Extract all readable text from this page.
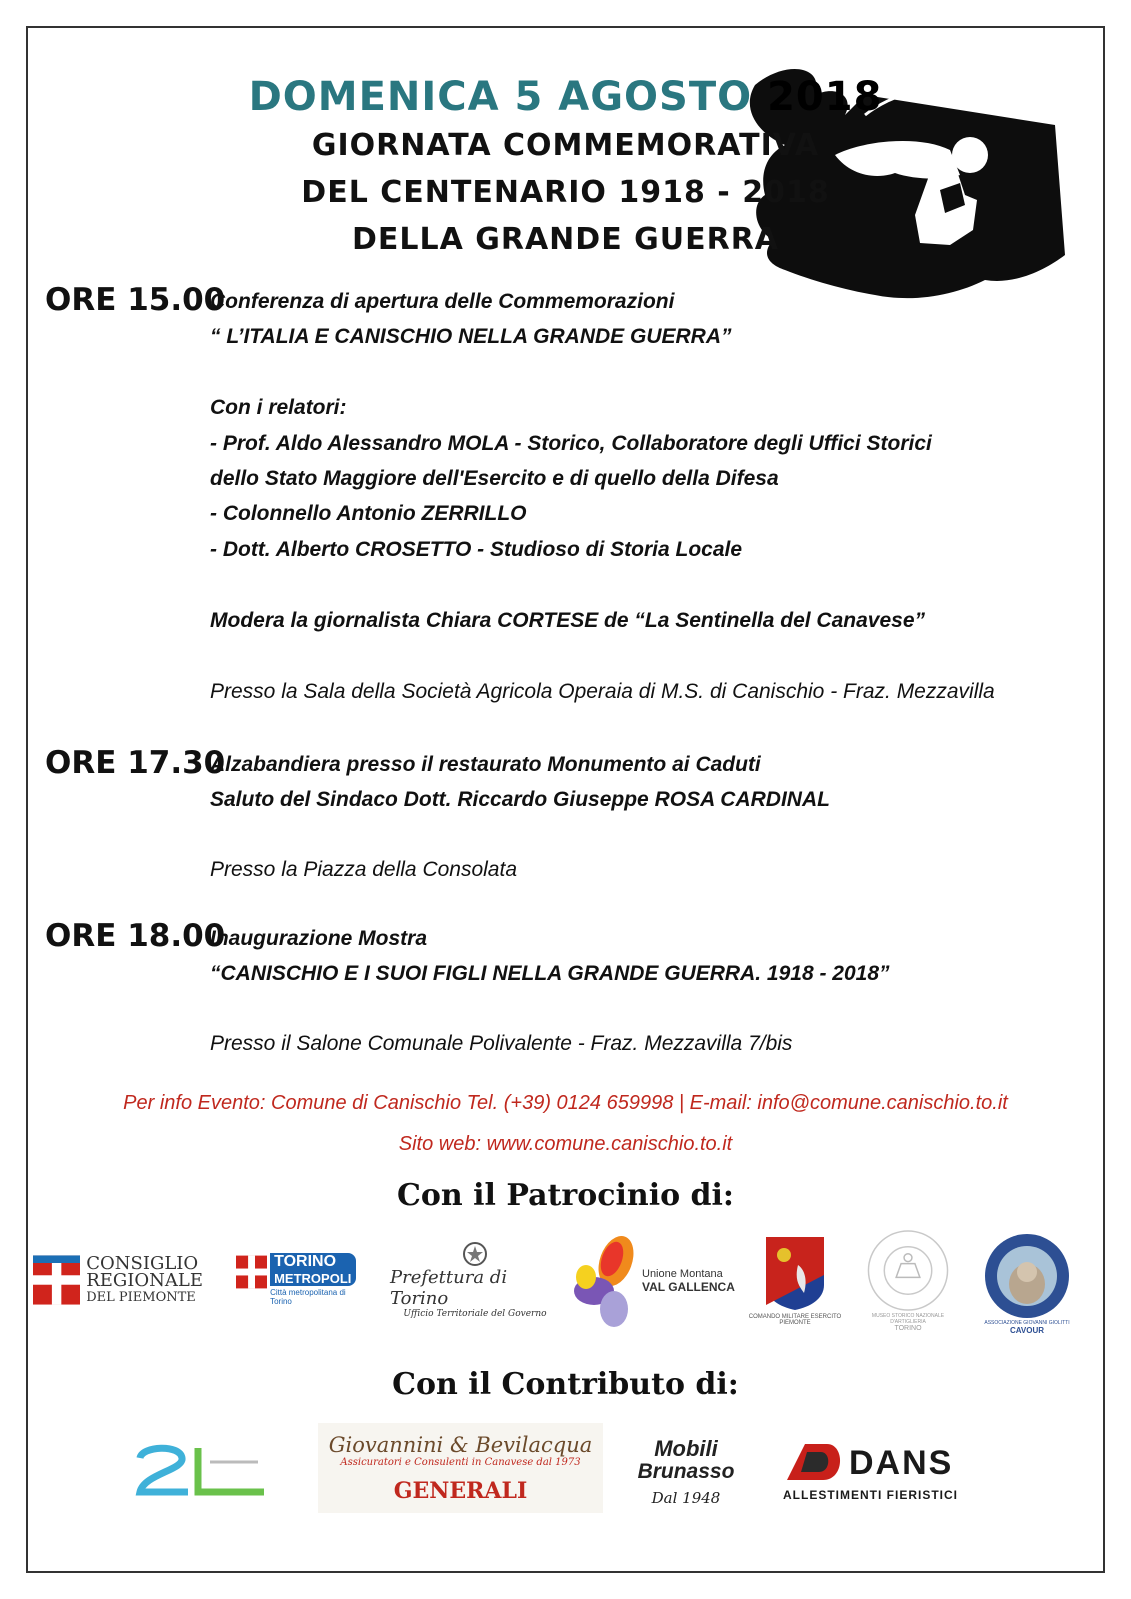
DOMENICA 5 AGOSTO 2018
GIORNATA COMMEMORATIVA
DEL CENTENARIO 1918 - 2018
DELLA GRANDE GUERRA
ORE 15.00
Conferenza di apertura delle Commemorazioni
“ L’ITALIA E CANISCHIO NELLA GRANDE GUERRA”
Con i relatori:
- Prof. Aldo Alessandro MOLA - Storico, Collaboratore degli Uffici Storici
dello Stato Maggiore dell'Esercito e di quello della Difesa
- Colonnello Antonio ZERRILLO
- Dott. Alberto CROSETTO - Studioso di Storia Locale
Modera la giornalista Chiara CORTESE de “La Sentinella del Canavese”
Presso la Sala della Società Agricola Operaia di M.S. di Canischio - Fraz. Mezzavilla
ORE 17.30
Alzabandiera presso il restaurato Monumento ai Caduti
Saluto del Sindaco Dott. Riccardo Giuseppe ROSA CARDINAL
Presso la Piazza della Consolata
ORE 18.00
Inaugurazione Mostra
“CANISCHIO E I SUOI FIGLI NELLA GRANDE GUERRA. 1918 - 2018”
Presso il Salone Comunale Polivalente - Fraz. Mezzavilla 7/bis
Per info Evento: Comune di Canischio Tel. (+39) 0124 659998 | E-mail: info@comune.canischio.to.it
Sito web: www.comune.canischio.to.it
Con il Patrocinio di:
CONSIGLIO
REGIONALE
DEL PIEMONTE
TORINO
METROPOLI
Città metropolitana di Torino
Prefettura di Torino
Ufficio Territoriale del Governo
Unione Montana
VAL GALLENCA
COMANDO MILITARE ESERCITO PIEMONTE
MUSEO STORICO NAZIONALE D'ARTIGLIERIA
TORINO
ASSOCIAZIONE GIOVANNI GIOLITTI
CAVOUR
Con il Contributo di:
Giovannini & Bevilacqua
Assicuratori e Consulenti in Canavese dal 1973
GENERALI
Mobili
Brunasso
Dal 1948
DANS
ALLESTIMENTI FIERISTICI
